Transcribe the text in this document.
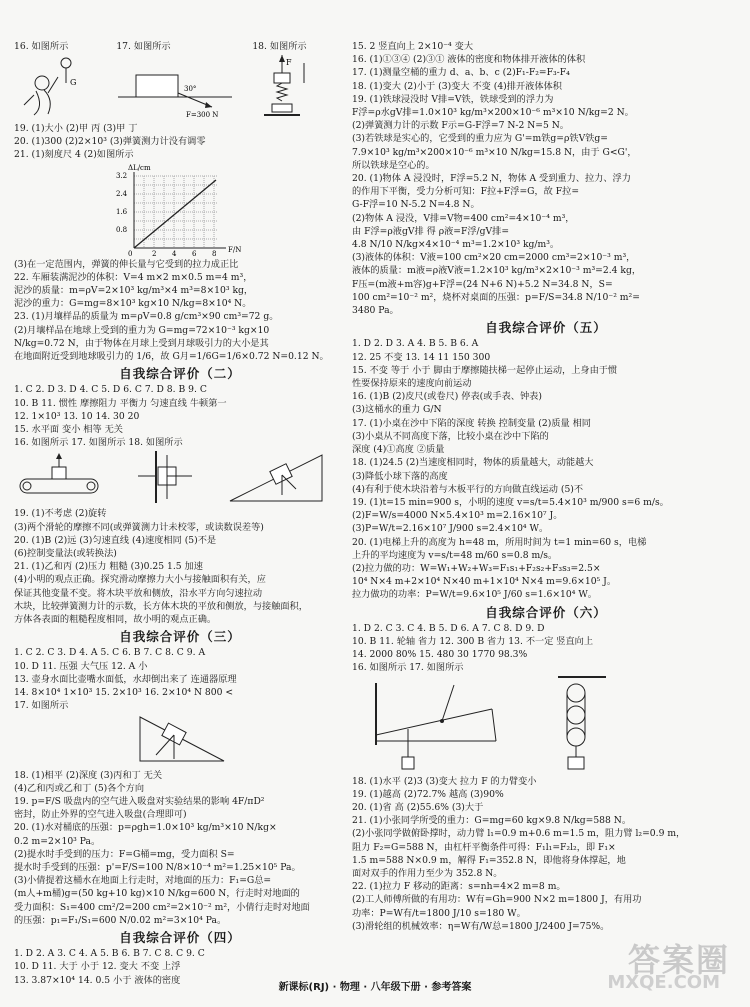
16. 如图所示
G
17. 如图所示
30°
F=300 N
18. 如图所示
F
19. (1)大小 (2)甲 丙 (3)甲 丁
20. (1)300 (2)2×10³ (3)弹簧测力计没有调零
21. (1)刻度尺 4 (2)如图所示
ΔL/cm
3.2
2.4
1.6
0.8
0	2 4 6 8 F/N
(3)在一定范围内，弹簧的伸长量与它受到的拉力成正比
22. 车厢装满泥沙的体积：V=4 m×2 m×0.5 m=4 m³，
泥沙的质量：m=ρV=2×10³ kg/m³×4 m³=8×10³ kg，
泥沙的重力：G=mg=8×10³ kg×10 N/kg=8×10⁴ N。
23. (1)月壤样品的质量为 m=ρV=0.8 g/cm³×90 cm³=72 g。
(2)月壤样品在地球上受到的重力为 G=mg=72×10⁻³ kg×10
N/kg=0.72 N，由于物体在月球上受到月球吸引力的大小是其
在地面附近受到地球吸引力的 1/6，故 G月=1/6G=1/6×0.72 N=0.12 N。
自我综合评价（二）
1. C 2. D 3. D 4. C 5. D 6. C 7. D 8. B 9. C
10. B 11. 惯性 摩擦阻力 平衡力 匀速直线 牛顿第一
12. 1×10³ 13. 10 14. 30 20
15. 水平面 变小 相等 无关
16. 如图所示 17. 如图所示 18. 如图所示
19. (1)不考虑 (2)旋转
(3)两个滑轮的摩擦不同(或弹簧测力计未校零，或读数误差等)
20. (1)B (2)远 (3)匀速直线 (4)速度相同 (5)不是
(6)控制变量法(或转换法)
21. (1)乙和丙 (2)压力 粗糙 (3)0.25 1.5 加速
(4)小明的观点正确。探究滑动摩擦力大小与接触面积有关，应
保证其他变量不变。将木块平放和侧放，沿水平方向匀速拉动
木块，比较弹簧测力计的示数，长方体木块的平放和侧放，与接触面积，
方体各表面的粗糙程度相同，故小明的观点正确。
自我综合评价（三）
1. C 2. C 3. D 4. A 5. C 6. B 7. C 8. C 9. A
10. D 11. 压强 大气压 12. A 小
13. 壶身水面比壶嘴水面低，水却倒出来了 连通器原理
14. 8×10⁴ 1×10³ 15. 2×10³ 16. 2×10⁴ N 800 <
17. 如图所示
18. (1)相平 (2)深度 (3)丙和丁 无关
(4)乙和丙或乙和丁 (5)各个方向
19. p=F/S 吸盘内的空气进入吸盘对实验结果的影响 4F/πD²
密封，防止外界的空气进入吸盘(合理即可)
20. (1)水对桶底的压强：p=ρgh=1.0×10³ kg/m³×10 N/kg×
0.2 m=2×10³ Pa。
(2)提水时手受到的压力：F=G桶=mg，受力面积 S=
提水时手受到的压强：p'=F/S=100 N/8×10⁻⁴ m²=1.25×10⁵ Pa。
(3)小倩提着这桶水在地面上行走时，对地面的压力：F₁=G总=
(m人+m桶)g=(50 kg+10 kg)×10 N/kg=600 N，行走时对地面的
受力面积：S₁=400 cm²/2=200 cm²=2×10⁻² m²，小倩行走时对地面
的压强：p₁=F₁/S₁=600 N/0.02 m²=3×10⁴ Pa。
自我综合评价（四）
1. D 2. A 3. C 4. A 5. B 6. B 7. C 8. C 9. C
10. D 11. 大于 小于 12. 变大 不变 上浮
13. 3.87×10⁴ 14. 0.5 小于 液体的密度
15. 2 竖直向上 2×10⁻⁴ 变大
16. (1)①③④ (2)③① 液体的密度和物体排开液体的体积
17. (1)测量空桶的重力 d、a、b、c (2)F₁-F₂=F₃-F₄
18. (1)变大 (2)小于 (3)变大 不变 (4)排开液体体积
19. (1)铁球浸没时 V排=V铁，铁球受到的浮力为
F浮=ρ水gV排=1.0×10³ kg/m³×200×10⁻⁶ m³×10 N/kg=2 N。
(2)弹簧测力计的示数 F示=G-F浮=7 N-2 N=5 N。
(3)若铁球是实心的，它受到的重力应为 G'=m铁g=ρ铁V铁g=
7.9×10³ kg/m³×200×10⁻⁶ m³×10 N/kg=15.8 N，由于 G<G'，
所以铁球是空心的。
20. (1)物体 A 浸没时，F浮=5.2 N，物体 A 受到重力、拉力、浮力
的作用下平衡，受力分析可知：F拉+F浮=G，故 F拉=
G-F浮=10 N-5.2 N=4.8 N。
(2)物体 A 浸没，V排=V物=400 cm²=4×10⁻⁴ m³，
由 F浮=ρ液gV排 得 ρ液=F浮/gV排=
4.8 N/10 N/kg×4×10⁻⁴ m³=1.2×10³ kg/m³。
(3)液体的体积：V液=100 cm²×20 cm=2000 cm³=2×10⁻³ m³，
液体的质量：m液=ρ液V液=1.2×10³ kg/m³×2×10⁻³ m³=2.4 kg，
F压=(m液+m容)g+F浮=(24 N+6 N)+5.2 N=34.8 N，S=
100 cm²=10⁻² m²，烧杯对桌面的压强：p=F/S=34.8 N/10⁻² m²=
3480 Pa。
自我综合评价（五）
1. D 2. D 3. A 4. B 5. B 6. A
12. 25 不变 13. 14 11 150 300
15. 不变 等于 小于 脚由于摩擦随扶梯一起停止运动，上身由于惯
性要保持原来的速度向前运动
16. (1)B (2)皮尺(或卷尺) 停表(或手表、钟表)
(3)这桶水的重力 G/N
17. (1)小桌在沙中下陷的深度 转换 控制变量 (2)质量 相同
(3)小桌从不同高度下落，比较小桌在沙中下陷的
深度 (4)①高度 ②质量
18. (1)24.5 (2)当速度相同时，物体的质量越大，动能越大
(3)降低小球下落的高度
(4)有利于使木块沿着与木板平行的方向做直线运动 (5)不
19. (1)t=15 min=900 s，小明的速度 v=s/t=5.4×10³ m/900 s=6 m/s。
(2)F=W/s=4000 N×5.4×10³ m=2.16×10⁷ J。
(3)P=W/t=2.16×10⁷ J/900 s=2.4×10⁴ W。
20. (1)电梯上升的高度为 h=48 m，所用时间为 t=1 min=60 s，电梯
上升的平均速度为 v=s/t=48 m/60 s=0.8 m/s。
(2)拉力做的功：W=W₁+W₂+W₃=F₁s₁+F₂s₂+F₃s₃=2.5×
10⁴ N×4 m+2×10⁴ N×40 m+1×10⁴ N×4 m=9.6×10⁵ J。
拉力做功的功率：P=W/t=9.6×10⁵ J/60 s=1.6×10⁴ W。
自我综合评价（六）
1. D 2. C 3. C 4. B 5. D 6. A 7. C 8. D 9. D
10. B 11. 轮轴 省力 12. 300 B 省力 13. 不一定 竖直向上
14. 2000 80% 15. 480 30 1770 98.3%
16. 如图所示 17. 如图所示
18. (1)水平 (2)3 (3)变大 拉力 F 的力臂变小
19. (1)越高 (2)72.7% 越高 (3)90%
20. (1)省 高 (2)55.6% (3)大于
21. (1)小张同学所受的重力：G=mg=60 kg×9.8 N/kg=588 N。
(2)小张同学做俯卧撑时，动力臂 l₁=0.9 m+0.6 m=1.5 m，阻力臂 l₂=0.9 m，
阻力 F₂=G=588 N，由杠杆平衡条件可得：F₁l₁=F₂l₂，即 F₁×
1.5 m=588 N×0.9 m，解得 F₁=352.8 N，即他将身体撑起，地
面对双手的作用力至少为 352.8 N。
22. (1)拉力 F 移动的距离：s=nh=4×2 m=8 m。
(2)工人师傅所做的有用功：W有=Gh=900 N×2 m=1800 J，有用功
功率：P=W有/t=1800 J/10 s=180 W。
(3)滑轮组的机械效率：η=W有/W总=1800 J/2400 J=75%。
新课标(RJ) · 物理 · 八年级下册 · 参考答案
答案圈
MXQE.COM
